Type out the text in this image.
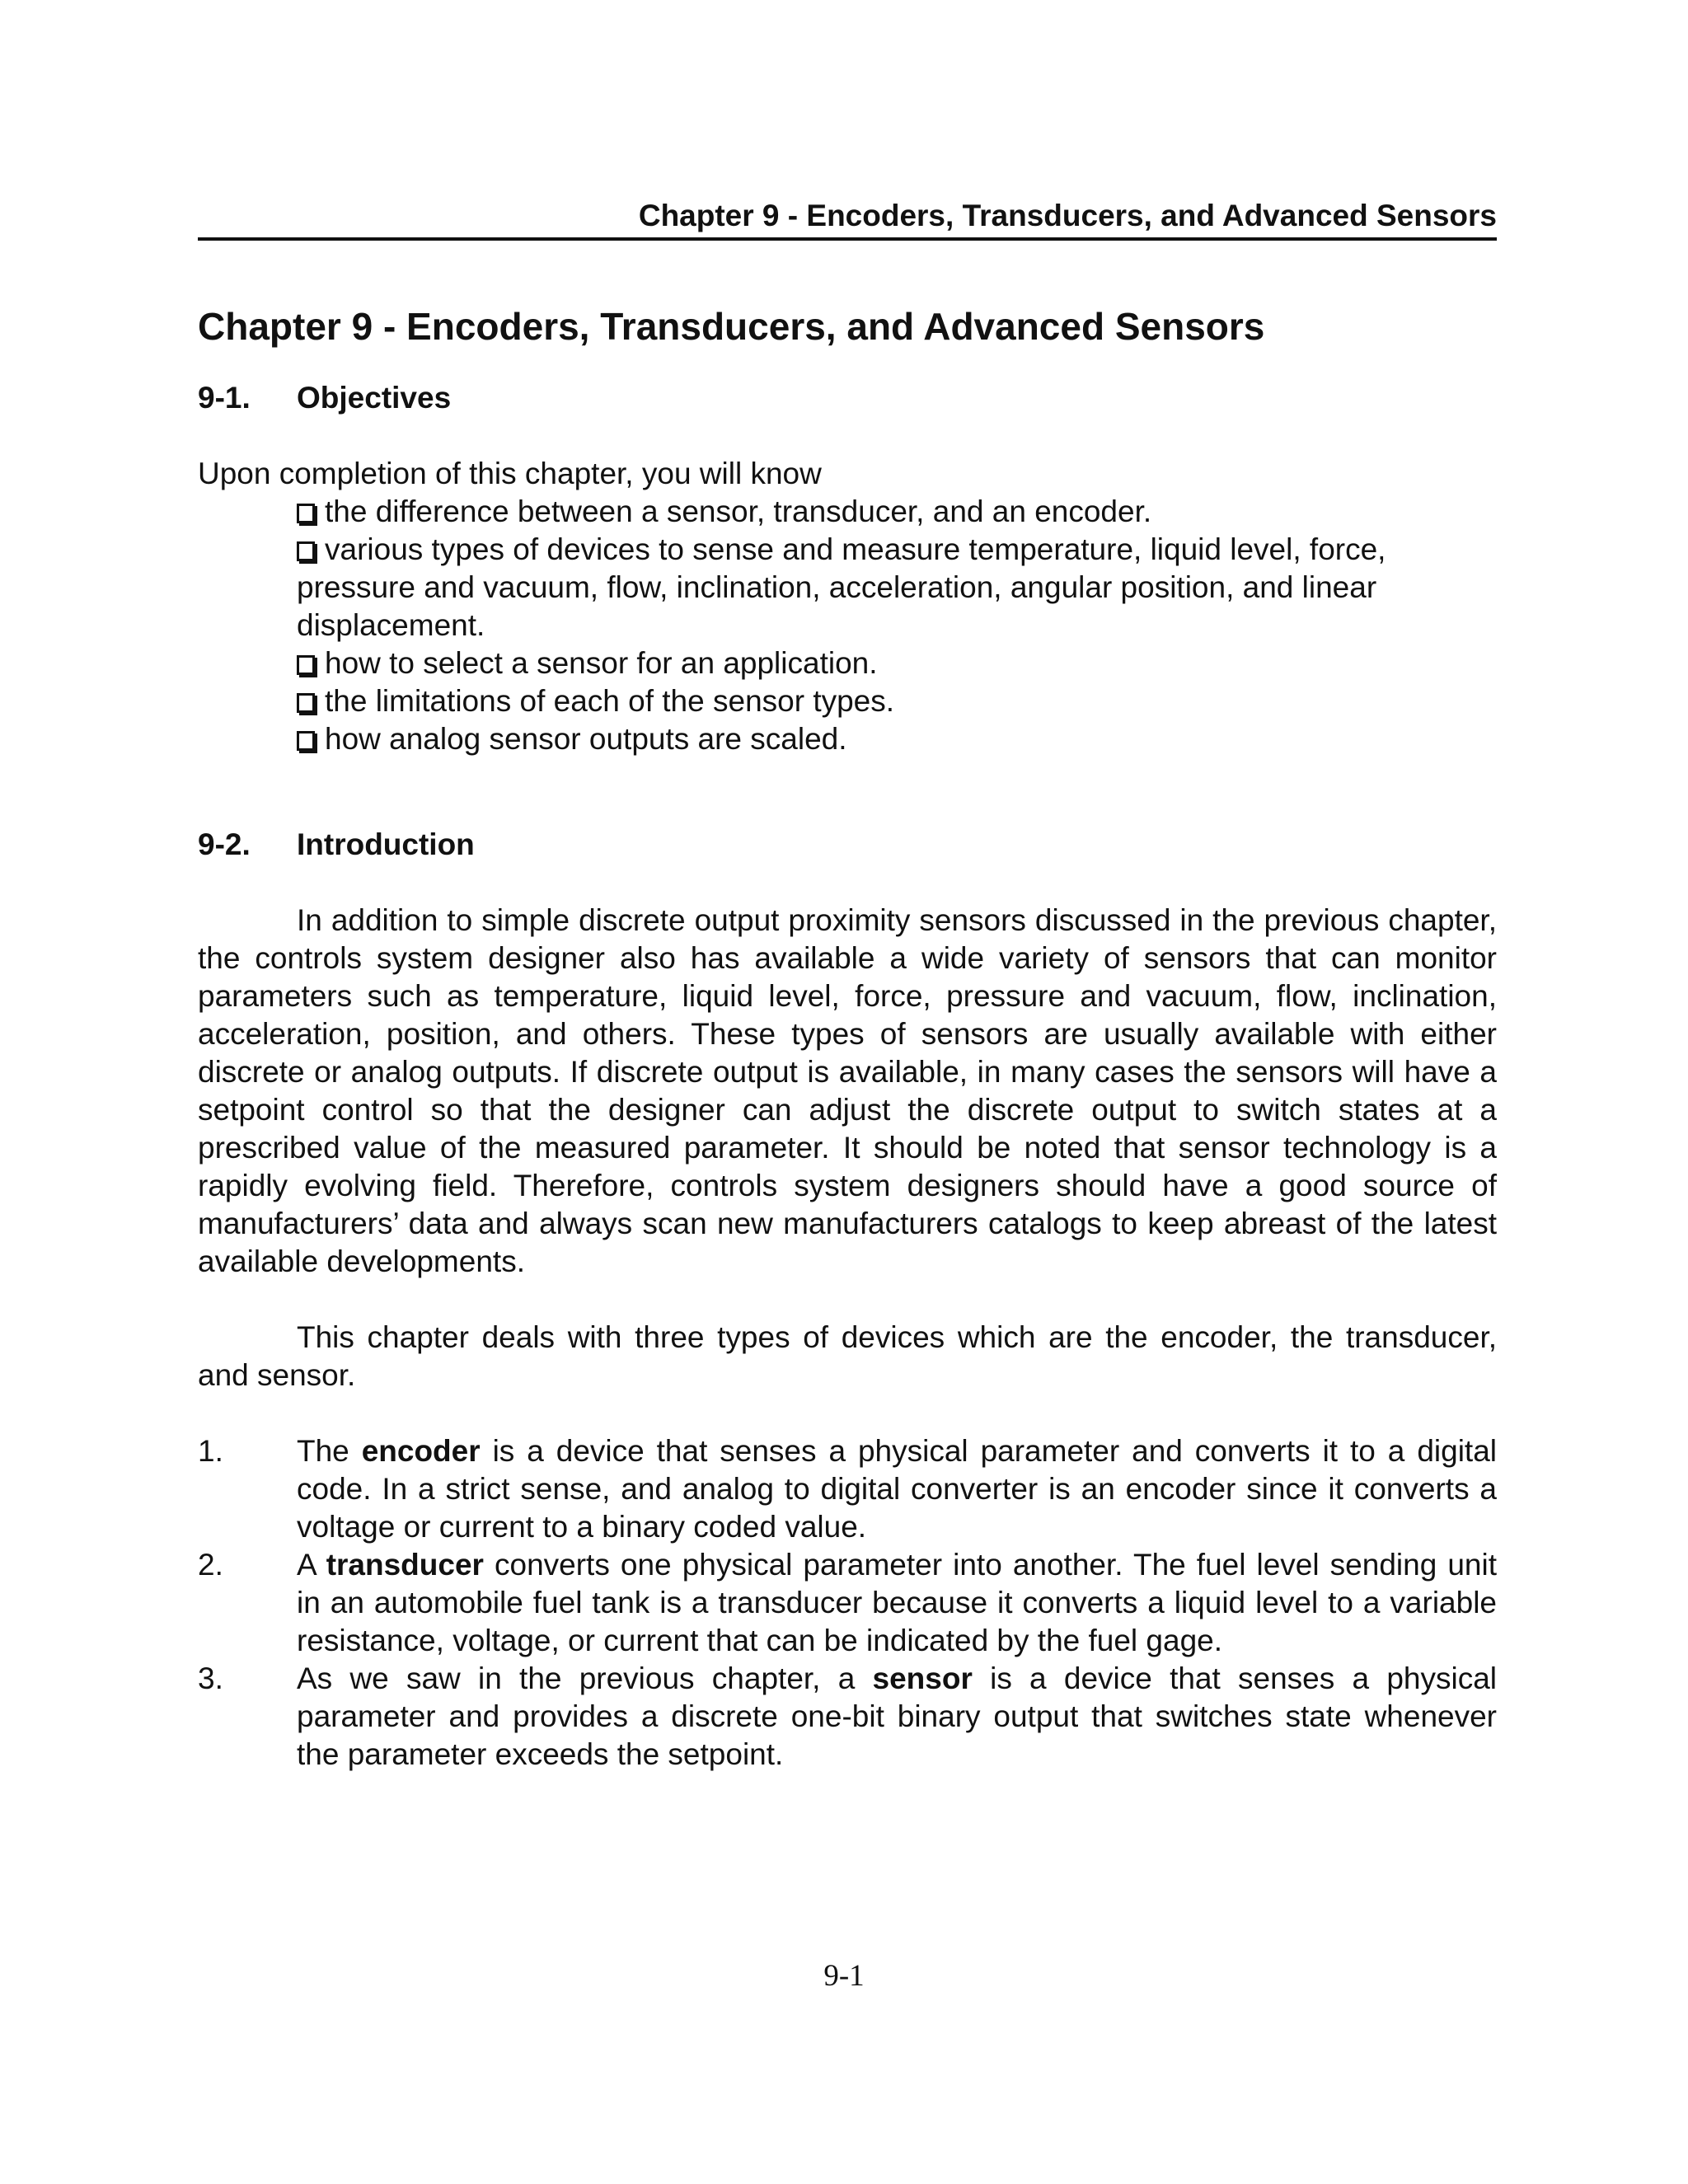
Chapter 9 - Encoders, Transducers, and Advanced Sensors
Chapter 9 - Encoders, Transducers, and Advanced Sensors
9-1.	Objectives
Upon completion of this chapter, you will know
the difference between a sensor, transducer, and an encoder.
various types of devices to sense and measure temperature, liquid level, force, pressure and vacuum, flow, inclination, acceleration, angular position, and linear displacement.
how to select a sensor for an application.
the limitations of each of the sensor types.
how analog sensor outputs are scaled.
9-2.	Introduction

In addition to simple discrete output proximity sensors discussed in the previous chapter, the controls system designer also has available a wide variety of sensors that can monitor parameters such as temperature, liquid level, force, pressure and vacuum, flow, inclination, acceleration, position, and others. These types of sensors are usually available with either discrete or analog outputs. If discrete output is available, in many cases the sensors will have a setpoint control so that the designer can adjust the discrete output to switch states at a prescribed value of the measured parameter. It should be noted that sensor technology is a rapidly evolving field. Therefore, controls system designers should have a good source of manufacturers’ data and always scan new manufacturers catalogs to keep abreast of the latest available developments.

This chapter deals with three types of devices which are the encoder, the transducer, and sensor.

1.	The encoder is a device that senses a physical parameter and converts it to a digital code. In a strict sense, and analog to digital converter is an encoder since it converts a voltage or current to a binary coded value.
2.	A transducer converts one physical parameter into another. The fuel level sending unit in an automobile fuel tank is a transducer because it converts a liquid level to a variable resistance, voltage, or current that can be indicated by the fuel gage.
3.	As we saw in the previous chapter, a sensor is a device that senses a physical parameter and provides a discrete one-bit binary output that switches state whenever the parameter exceeds the setpoint.
9-1
